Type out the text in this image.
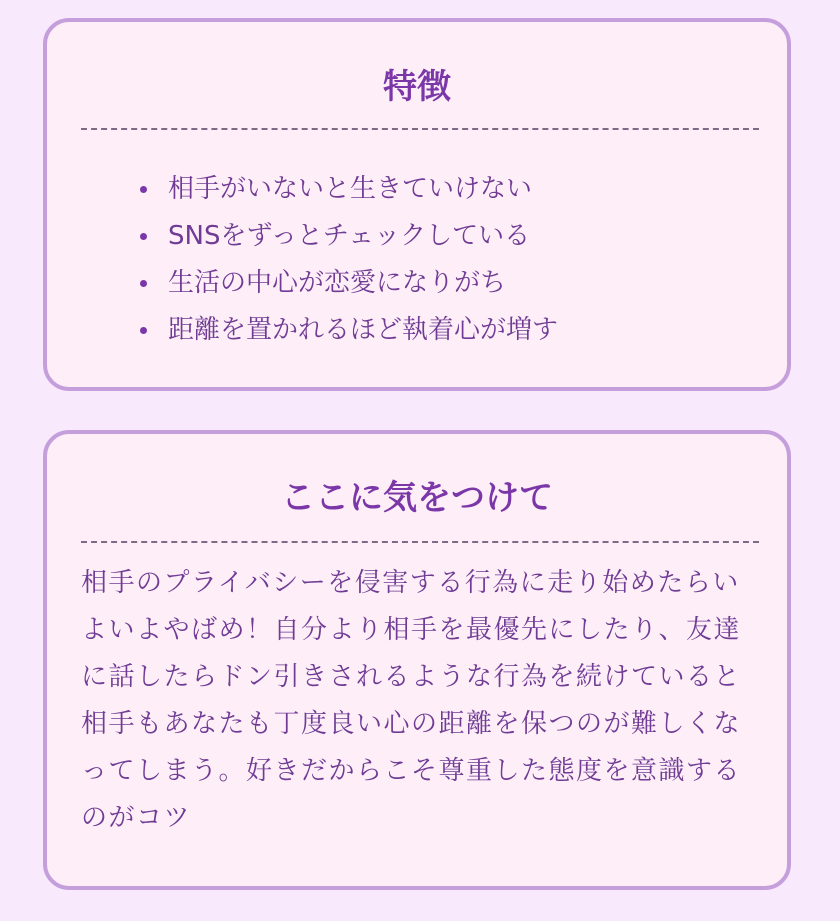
特徴
相手がいないと生きていけない
SNSをずっとチェックしている
生活の中心が恋愛になりがち
距離を置かれるほど執着心が増す
ここに気をつけて

相手のプライバシーを侵害する行為に走り始めたらいよいよやばめ！自分より相手を最優先にしたり、友達に話したらドン引きされるような行為を続けていると相手もあなたも丁度良い心の距離を保つのが難しくなってしまう。好きだからこそ尊重した態度を意識するのがコツ
